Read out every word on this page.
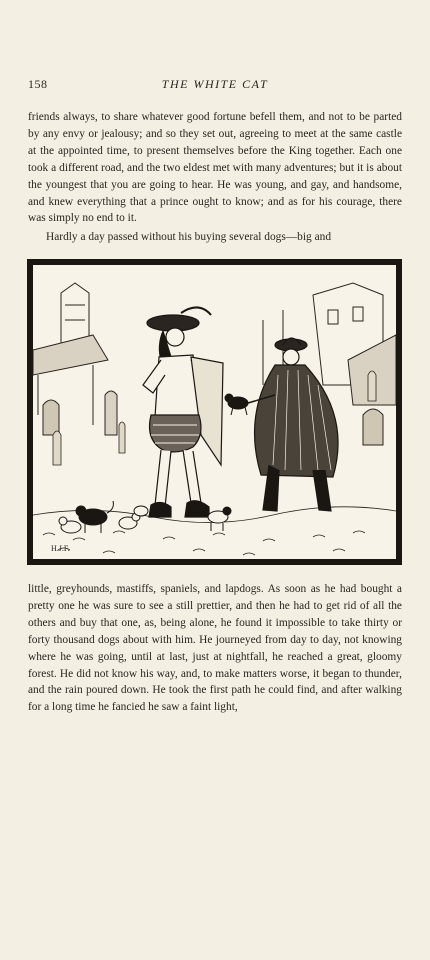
158	THE WHITE CAT

friends always, to share whatever good fortune befell them, and not to be parted by any envy or jealousy; and so they set out, agreeing to meet at the same castle at the appointed time, to present themselves before the King together. Each one took a different road, and the two eldest met with many adventures; but it is about the youngest that you are going to hear. He was young, and gay, and handsome, and knew everything that a prince ought to know; and as for his courage, there was simply no end to it.

Hardly a day passed without his buying several dogs—big and

H.J.F.

little, greyhounds, mastiffs, spaniels, and lapdogs. As soon as he had bought a pretty one he was sure to see a still prettier, and then he had to get rid of all the others and buy that one, as, being alone, he found it impossible to take thirty or forty thousand dogs about with him. He journeyed from day to day, not knowing where he was going, until at last, just at nightfall, he reached a great, gloomy forest. He did not know his way, and, to make matters worse, it began to thunder, and the rain poured down. He took the first path he could find, and after walking for a long time he fancied he saw a faint light,
